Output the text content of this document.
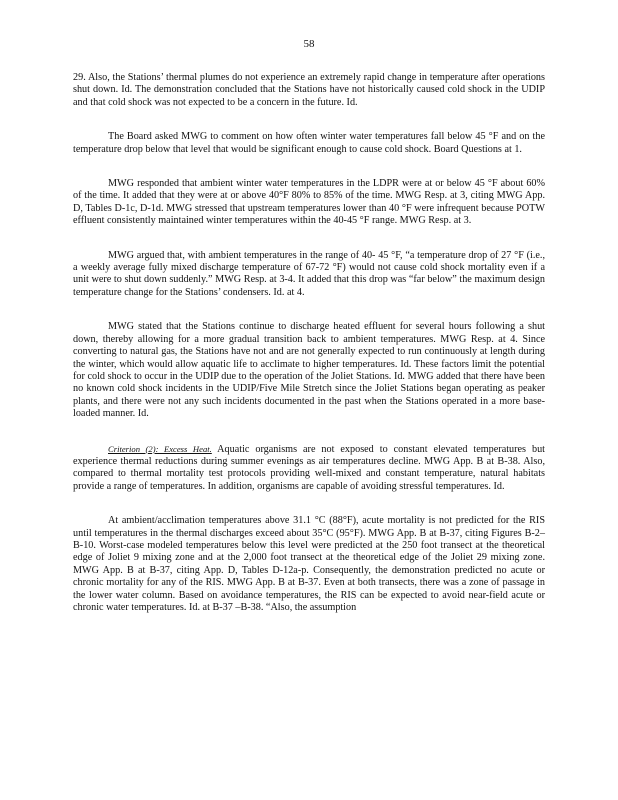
58

29. Also, the Stations’ thermal plumes do not experience an extremely rapid change in temperature after operations shut down. Id. The demonstration concluded that the Stations have not historically caused cold shock in the UDIP and that cold shock was not expected to be a concern in the future. Id.

The Board asked MWG to comment on how often winter water temperatures fall below 45 °F and on the temperature drop below that level that would be significant enough to cause cold shock. Board Questions at 1.

MWG responded that ambient winter water temperatures in the LDPR were at or below 45 °F about 60% of the time. It added that they were at or above 40°F 80% to 85% of the time. MWG Resp. at 3, citing MWG App. D, Tables D-1c, D-1d. MWG stressed that upstream temperatures lower than 40 °F were infrequent because POTW effluent consistently maintained winter temperatures within the 40-45 °F range. MWG Resp. at 3.

MWG argued that, with ambient temperatures in the range of 40- 45 °F, “a temperature drop of 27 °F (i.e., a weekly average fully mixed discharge temperature of 67-72 °F) would not cause cold shock mortality even if a unit were to shut down suddenly.” MWG Resp. at 3-4. It added that this drop was “far below” the maximum design temperature change for the Stations’ condensers. Id. at 4.

MWG stated that the Stations continue to discharge heated effluent for several hours following a shut down, thereby allowing for a more gradual transition back to ambient temperatures. MWG Resp. at 4. Since converting to natural gas, the Stations have not and are not generally expected to run continuously at length during the winter, which would allow aquatic life to acclimate to higher temperatures. Id. These factors limit the potential for cold shock to occur in the UDIP due to the operation of the Joliet Stations. Id. MWG added that there have been no known cold shock incidents in the UDIP/Five Mile Stretch since the Joliet Stations began operating as peaker plants, and there were not any such incidents documented in the past when the Stations operated in a more base-loaded manner. Id.

Criterion (2): Excess Heat. Aquatic organisms are not exposed to constant elevated temperatures but experience thermal reductions during summer evenings as air temperatures decline. MWG App. B at B-38. Also, compared to thermal mortality test protocols providing well-mixed and constant temperature, natural habitats provide a range of temperatures. In addition, organisms are capable of avoiding stressful temperatures. Id.

At ambient/acclimation temperatures above 31.1 °C (88°F), acute mortality is not predicted for the RIS until temperatures in the thermal discharges exceed about 35°C (95°F). MWG App. B at B-37, citing Figures B-2–B-10. Worst-case modeled temperatures below this level were predicted at the 250 foot transect at the theoretical edge of Joliet 9 mixing zone and at the 2,000 foot transect at the theoretical edge of the Joliet 29 mixing zone. MWG App. B at B-37, citing App. D, Tables D-12a-p. Consequently, the demonstration predicted no acute or chronic mortality for any of the RIS. MWG App. B at B-37. Even at both transects, there was a zone of passage in the lower water column. Based on avoidance temperatures, the RIS can be expected to avoid near-field acute or chronic water temperatures. Id. at B-37 –B-38. “Also, the assumption
